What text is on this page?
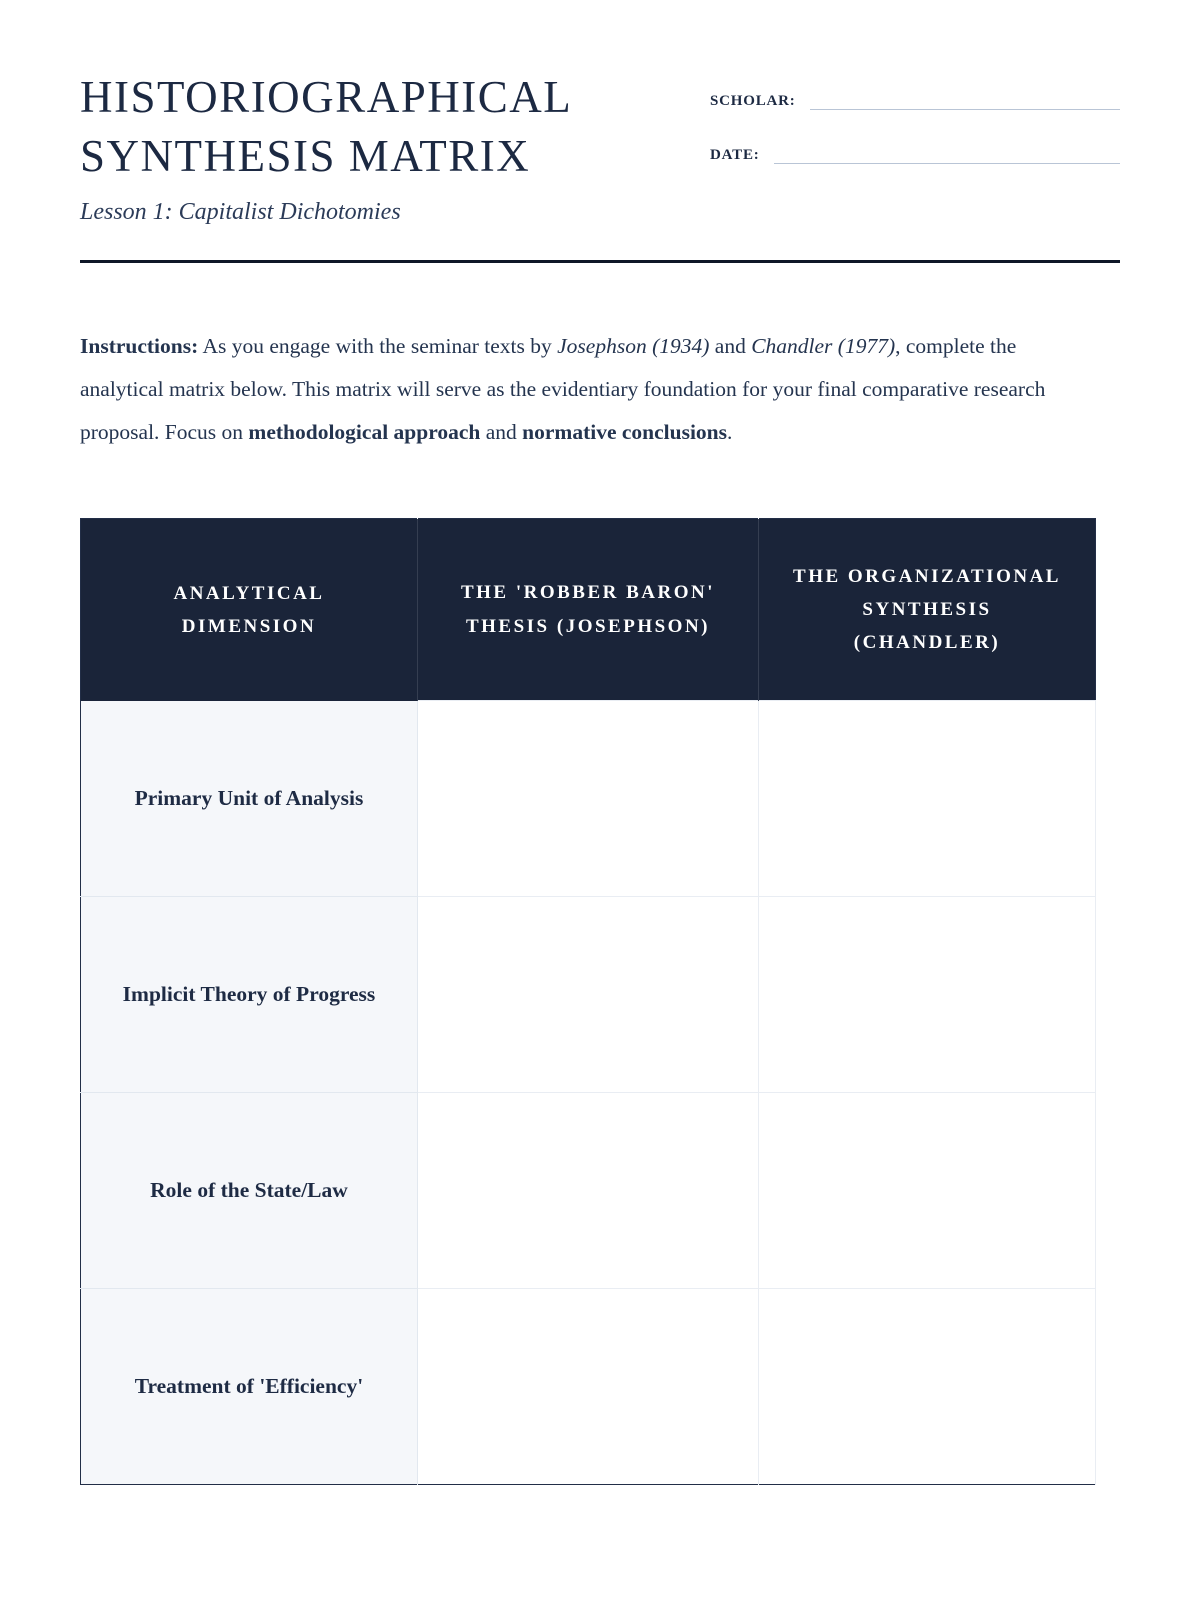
HISTORIOGRAPHICAL SYNTHESIS MATRIX
Lesson 1: Capitalist Dichotomies
SCHOLAR:
DATE:

Instructions: As you engage with the seminar texts by Josephson (1934) and Chandler (1977), complete the analytical matrix below. This matrix will serve as the evidentiary foundation for your final comparative research proposal. Focus on methodological approach and normative conclusions.

ANALYTICAL DIMENSION	THE 'ROBBER BARON' THESIS (JOSEPHSON)	THE ORGANIZATIONAL SYNTHESIS (CHANDLER)
Primary Unit of Analysis		
Implicit Theory of Progress		
Role of the State/Law		
Treatment of 'Efficiency'		
